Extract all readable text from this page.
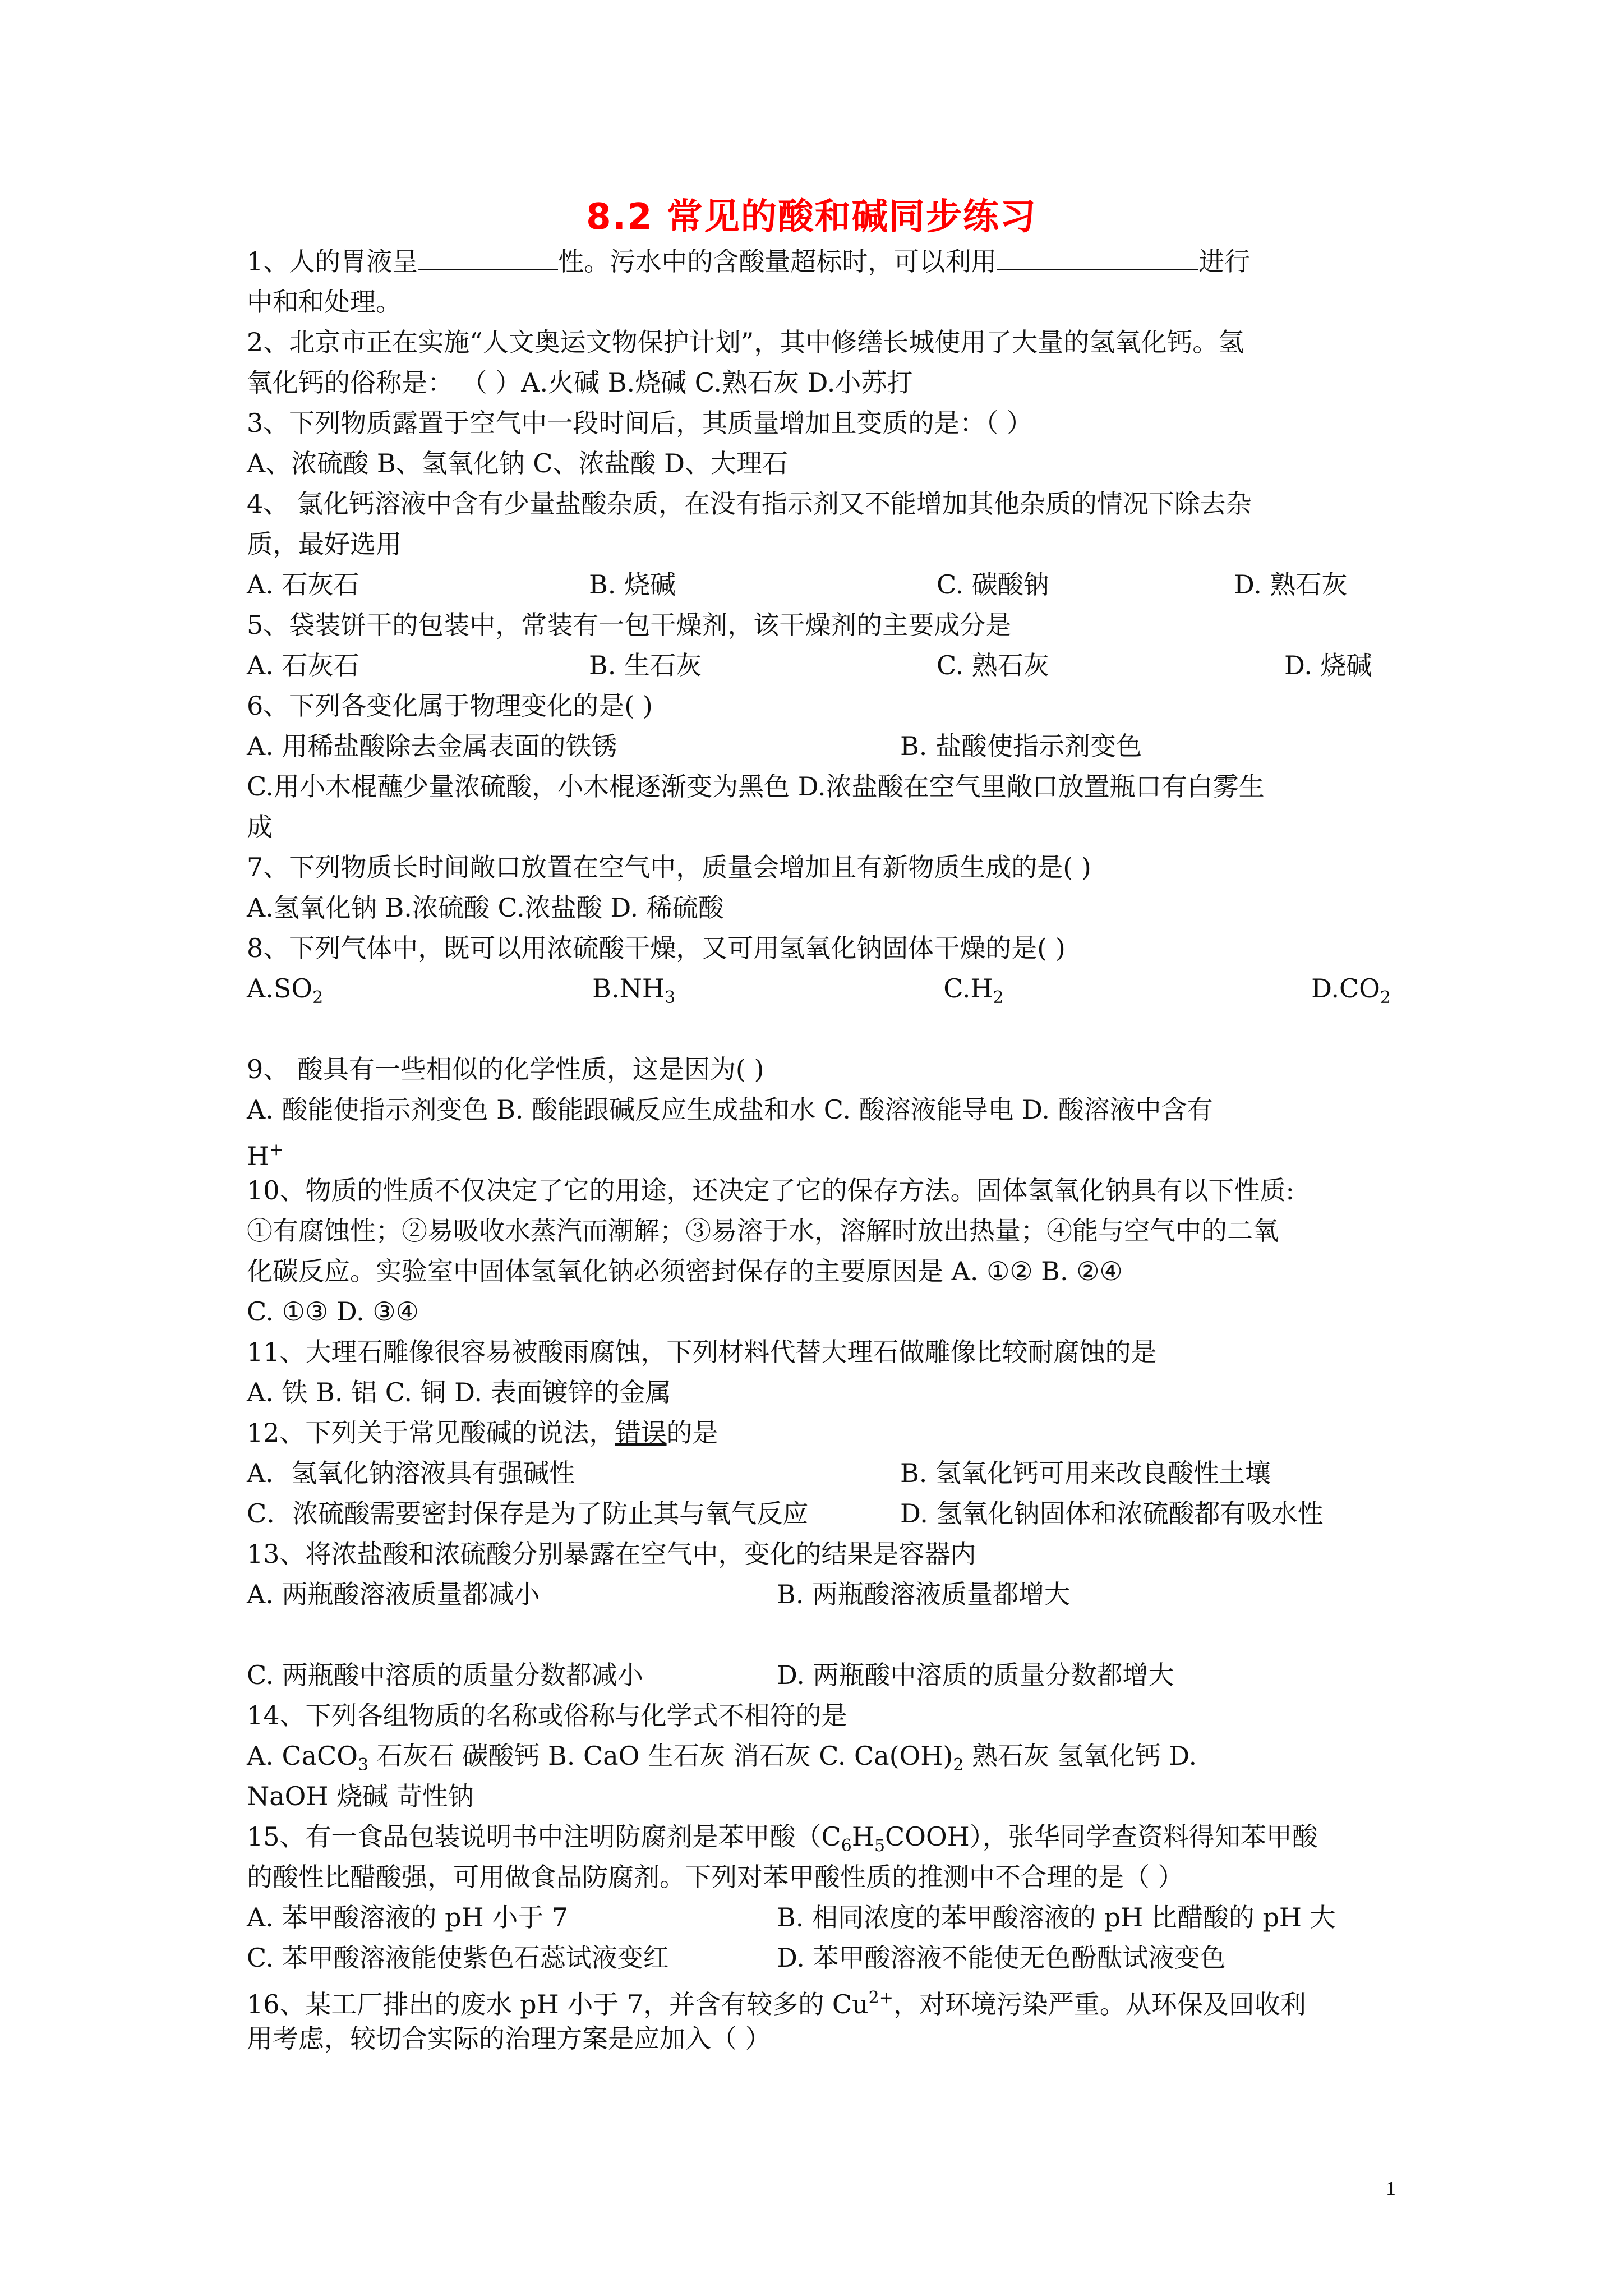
8.2 常见的酸和碱同步练习
1、人的胃液呈	性。污水中的含酸量超标时，可以利用	进行
中和和处理。
2、北京市正在实施“人文奥运文物保护计划”，其中修缮长城使用了大量的氢氧化钙。氢
氧化钙的俗称是： （ ）A.火碱 B.烧碱 C.熟石灰 D.小苏打
3、下列物质露置于空气中一段时间后，其质量增加且变质的是：（ ）
A、浓硫酸 B、氢氧化钠 C、浓盐酸 D、大理石
4、 氯化钙溶液中含有少量盐酸杂质，在没有指示剂又不能增加其他杂质的情况下除去杂
质，最好选用
A. 石灰石	B. 烧碱	C. 碳酸钠	D. 熟石灰
5、袋装饼干的包装中，常装有一包干燥剂，该干燥剂的主要成分是
A. 石灰石	B. 生石灰	C. 熟石灰	D. 烧碱
6、下列各变化属于物理变化的是( )
A. 用稀盐酸除去金属表面的铁锈	B. 盐酸使指示剂变色
C.用小木棍蘸少量浓硫酸，小木棍逐渐变为黑色 D.浓盐酸在空气里敞口放置瓶口有白雾生
成
7、下列物质长时间敞口放置在空气中，质量会增加且有新物质生成的是( )
A.氢氧化钠 B.浓硫酸 C.浓盐酸 D. 稀硫酸
8、下列气体中，既可以用浓硫酸干燥，又可用氢氧化钠固体干燥的是( )
$A.SO_2$	$B.NH_3$	$C.H_2$	$D.CO_2$
9、 酸具有一些相似的化学性质，这是因为( )
A. 酸能使指示剂变色 B. 酸能跟碱反应生成盐和水 C. 酸溶液能导电 D. 酸溶液中含有
H+
10、物质的性质不仅决定了它的用途，还决定了它的保存方法。固体氢氧化钠具有以下性质:
①有腐蚀性；②易吸收水蒸汽而潮解；③易溶于水，溶解时放出热量；④能与空气中的二氧
化碳反应。实验室中固体氢氧化钠必须密封保存的主要原因是 A. ①② B. ②④
C. ①③ D. ③④
11、大理石雕像很容易被酸雨腐蚀，下列材料代替大理石做雕像比较耐腐蚀的是
A. 铁 B. 铝 C. 铜 D. 表面镀锌的金属
12、下列关于常见酸碱的说法，错误的是
A．氢氧化钠溶液具有强碱性	B. 氢氧化钙可用来改良酸性土壤
C．浓硫酸需要密封保存是为了防止其与氧气反应	D. 氢氧化钠固体和浓硫酸都有吸水性
13、将浓盐酸和浓硫酸分别暴露在空气中，变化的结果是容器内
A. 两瓶酸溶液质量都减小	B. 两瓶酸溶液质量都增大
C. 两瓶酸中溶质的质量分数都减小	D. 两瓶酸中溶质的质量分数都增大
14、下列各组物质的名称或俗称与化学式不相符的是
A. CaCO$_3$ 石灰石 碳酸钙 B. CaO 生石灰 消石灰 C. $Ca(OH)_2$ 熟石灰 氢氧化钙 D.
NaOH 烧碱 苛性钠
15、有一食品包装说明书中注明防腐剂是苯甲酸$(C_6H_5COOH)$，张华同学查资料得知苯甲酸
的酸性比醋酸强，可用做食品防腐剂。下列对苯甲酸性质的推测中不合理的是（ ）
A. 苯甲酸溶液的 pH 小于 7	B. 相同浓度的苯甲酸溶液的 pH 比醋酸的 pH 大
C. 苯甲酸溶液能使紫色石蕊试液变红	D. 苯甲酸溶液不能使无色酚酞试液变色
16、某工厂排出的废水 pH 小于 7，并含有较多的 $Cu^{2+}$，对环境污染严重。从环保及回收利
用考虑，较切合实际的治理方案是应加入（ ）
1
